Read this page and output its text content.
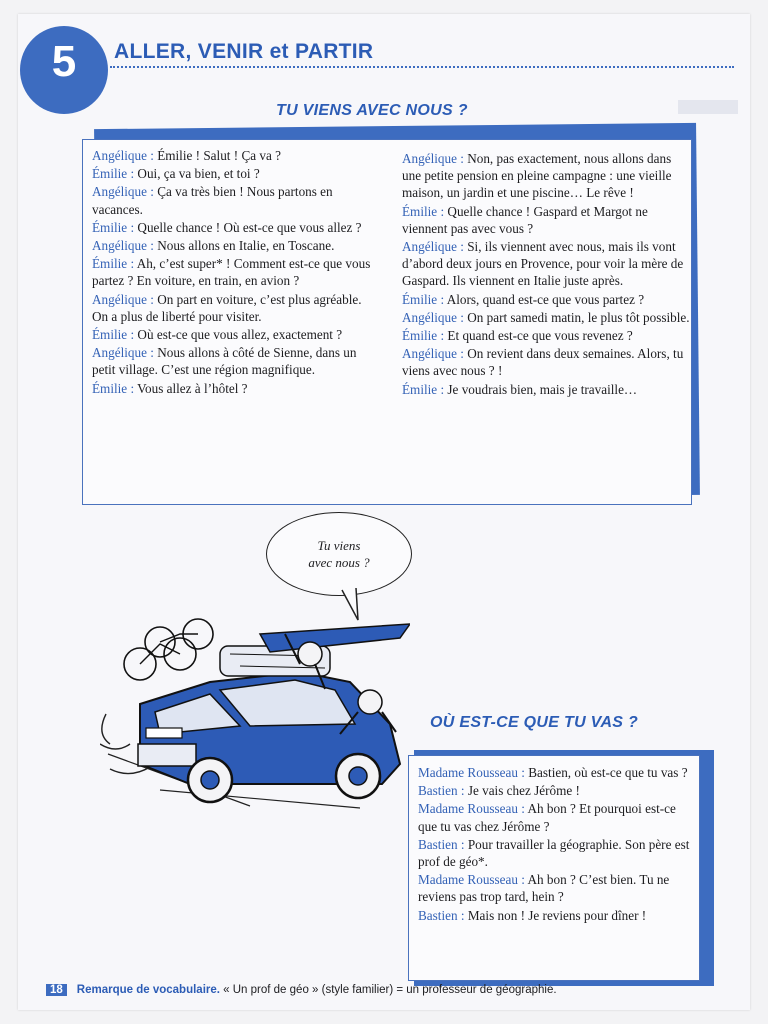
5 ALLER, VENIR et PARTIR
TU VIENS AVEC NOUS ?
Angélique : Émilie ! Salut ! Ça va ?
Émilie : Oui, ça va bien, et toi ?
Angélique : Ça va très bien ! Nous partons en vacances.
Émilie : Quelle chance ! Où est-ce que vous allez ?
Angélique : Nous allons en Italie, en Toscane.
Émilie : Ah, c’est super* ! Comment est-ce que vous partez ? En voiture, en train, en avion ?
Angélique : On part en voiture, c’est plus agréable. On a plus de liberté pour visiter.
Émilie : Où est-ce que vous allez, exactement ?
Angélique : Nous allons à côté de Sienne, dans un petit village. C’est une région magnifique.
Émilie : Vous allez à l’hôtel ?
Angélique : Non, pas exactement, nous allons dans une petite pension en pleine campagne : une vieille maison, un jardin et une piscine… Le rêve !
Émilie : Quelle chance ! Gaspard et Margot ne viennent pas avec vous ?
Angélique : Si, ils viennent avec nous, mais ils vont d’abord deux jours en Provence, pour voir la mère de Gaspard. Ils viennent en Italie juste après.
Émilie : Alors, quand est-ce que vous partez ?
Angélique : On part samedi matin, le plus tôt possible.
Émilie : Et quand est-ce que vous revenez ?
Angélique : On revient dans deux semaines. Alors, tu viens avec nous ? !
Émilie : Je voudrais bien, mais je travaille…
Tu viens
avec nous ?
OÙ EST-CE QUE TU VAS ?
Madame Rousseau : Bastien, où est-ce que tu vas ?
Bastien : Je vais chez Jérôme !
Madame Rousseau : Ah bon ? Et pourquoi est-ce que tu vas chez Jérôme ?
Bastien : Pour travailler la géographie. Son père est prof de géo*.
Madame Rousseau : Ah bon ? C’est bien. Tu ne reviens pas trop tard, hein ?
Bastien : Mais non ! Je reviens pour dîner !
18 Remarque de vocabulaire. « Un prof de géo » (style familier) = un professeur de géographie.
